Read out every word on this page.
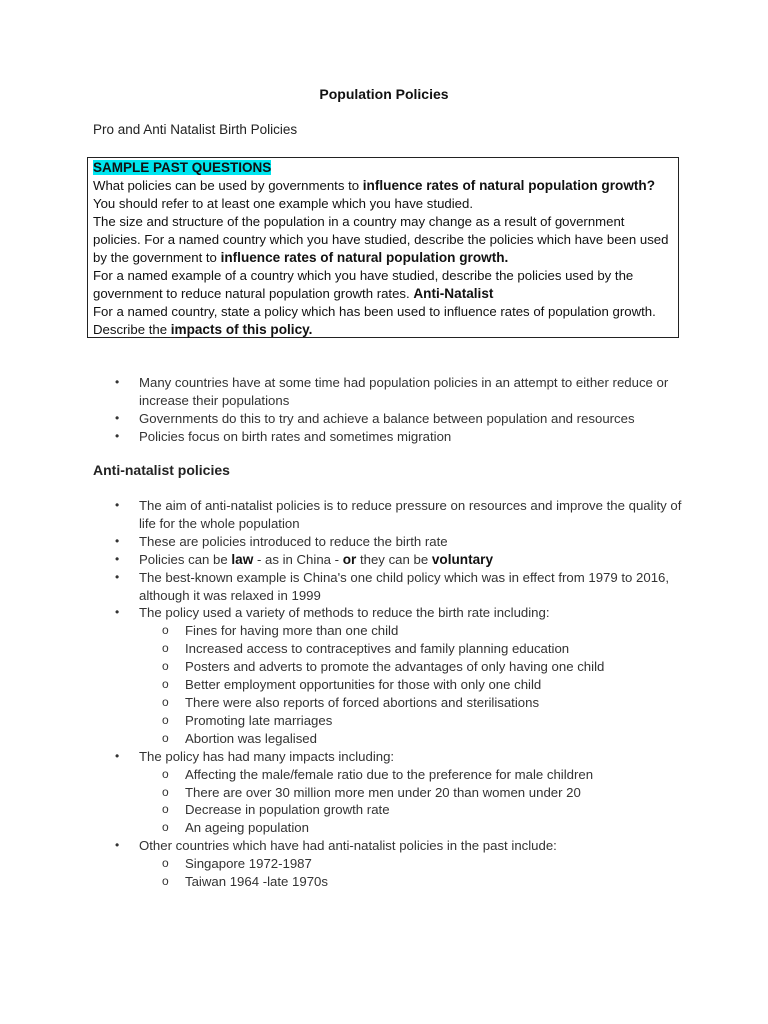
Population Policies
Pro and Anti Natalist Birth Policies

SAMPLE PAST QUESTIONS

What policies can be used by governments to influence rates of natural population growth?

You should refer to at least one example which you have studied.

The size and structure of the population in a country may change as a result of government policies. For a named country which you have studied, describe the policies which have been used by the government to influence rates of natural population growth.

For a named example of a country which you have studied, describe the policies used by the government to reduce natural population growth rates. Anti-Natalist

For a named country, state a policy which has been used to influence rates of population growth. Describe the impacts of this policy.

• Many countries have at some time had population policies in an attempt to either reduce or increase their populations
• Governments do this to try and achieve a balance between population and resources
• Policies focus on birth rates and sometimes migration
Anti-natalist policies
• The aim of anti-natalist policies is to reduce pressure on resources and improve the quality of life for the whole population
• These are policies introduced to reduce the birth rate
• Policies can be law - as in China - or they can be voluntary
• The best-known example is China's one child policy which was in effect from 1979 to 2016, although it was relaxed in 1999
• The policy used a variety of methods to reduce the birth rate including:
o Fines for having more than one child
o Increased access to contraceptives and family planning education
o Posters and adverts to promote the advantages of only having one child
o Better employment opportunities for those with only one child
o There were also reports of forced abortions and sterilisations
o Promoting late marriages
o Abortion was legalised
• The policy has had many impacts including:
o Affecting the male/female ratio due to the preference for male children
o There are over 30 million more men under 20 than women under 20
o Decrease in population growth rate
o An ageing population
• Other countries which have had anti-natalist policies in the past include:
o Singapore 1972-1987
o Taiwan 1964 -late 1970s
